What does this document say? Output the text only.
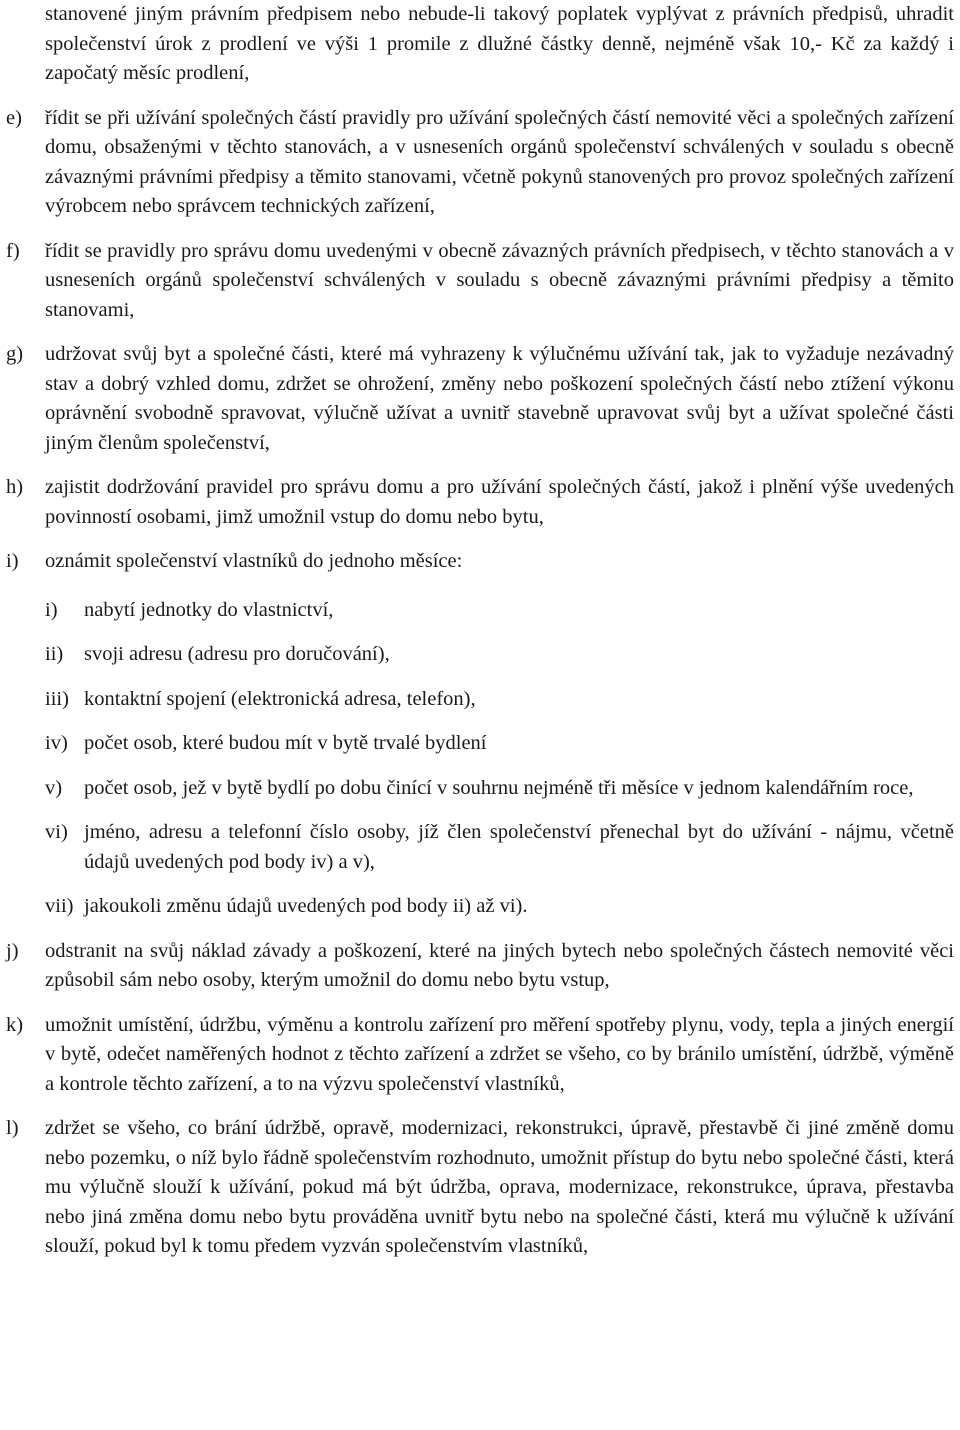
stanovené jiným právním předpisem nebo nebude-li takový poplatek vyplývat z právních předpisů, uhradit společenství úrok z prodlení ve výši 1 promile z dlužné částky denně, nejméně však 10,- Kč za každý i započatý měsíc prodlení,
e) řídit se při užívání společných částí pravidly pro užívání společných částí nemovité věci a společných zařízení domu, obsaženými v těchto stanovách, a v usneseních orgánů společenství schválených v souladu s obecně závaznými právními předpisy a těmito stanovami, včetně pokynů stanovených pro provoz společných zařízení výrobcem nebo správcem technických zařízení,
f) řídit se pravidly pro správu domu uvedenými v obecně závazných právních předpisech, v těchto stanovách a v usneseních orgánů společenství schválených v souladu s obecně závaznými právními předpisy a těmito stanovami,
g) udržovat svůj byt a společné části, které má vyhrazeny k výlučnému užívání tak, jak to vyžaduje nezávadný stav a dobrý vzhled domu, zdržet se ohrožení, změny nebo poškození společných částí nebo ztížení výkonu oprávnění svobodně spravovat, výlučně užívat a uvnitř stavebně upravovat svůj byt a užívat společné části jiným členům společenství,
h) zajistit dodržování pravidel pro správu domu a pro užívání společných částí, jakož i plnění výše uvedených povinností osobami, jimž umožnil vstup do domu nebo bytu,
i) oznámit společenství vlastníků do jednoho měsíce:
i) nabytí jednotky do vlastnictví,
ii) svoji adresu (adresu pro doručování),
iii) kontaktní spojení (elektronická adresa, telefon),
iv) počet osob, které budou mít v bytě trvalé bydlení
v) počet osob, jež v bytě bydlí po dobu činící v souhrnu nejméně tři měsíce v jednom kalendářním roce,
vi) jméno, adresu a telefonní číslo osoby, jíž člen společenství přenechal byt do užívání - nájmu, včetně údajů uvedených pod body iv) a v),
vii) jakoukoli změnu údajů uvedených pod body ii) až vi).
j) odstranit na svůj náklad závady a poškození, které na jiných bytech nebo společných částech nemovité věci způsobil sám nebo osoby, kterým umožnil do domu nebo bytu vstup,
k) umožnit umístění, údržbu, výměnu a kontrolu zařízení pro měření spotřeby plynu, vody, tepla a jiných energií v bytě, odečet naměřených hodnot z těchto zařízení a zdržet se všeho, co by bránilo umístění, údržbě, výměně a kontrole těchto zařízení, a to na výzvu společenství vlastníků,
l) zdržet se všeho, co brání údržbě, opravě, modernizaci, rekonstrukci, úpravě, přestavbě či jiné změně domu nebo pozemku, o níž bylo řádně společenstvím rozhodnuto, umožnit přístup do bytu nebo společné části, která mu výlučně slouží k užívání, pokud má být údržba, oprava, modernizace, rekonstrukce, úprava, přestavba nebo jiná změna domu nebo bytu prováděna uvnitř bytu nebo na společné části, která mu výlučně k užívání slouží, pokud byl k tomu předem vyzván společenstvím vlastníků,
